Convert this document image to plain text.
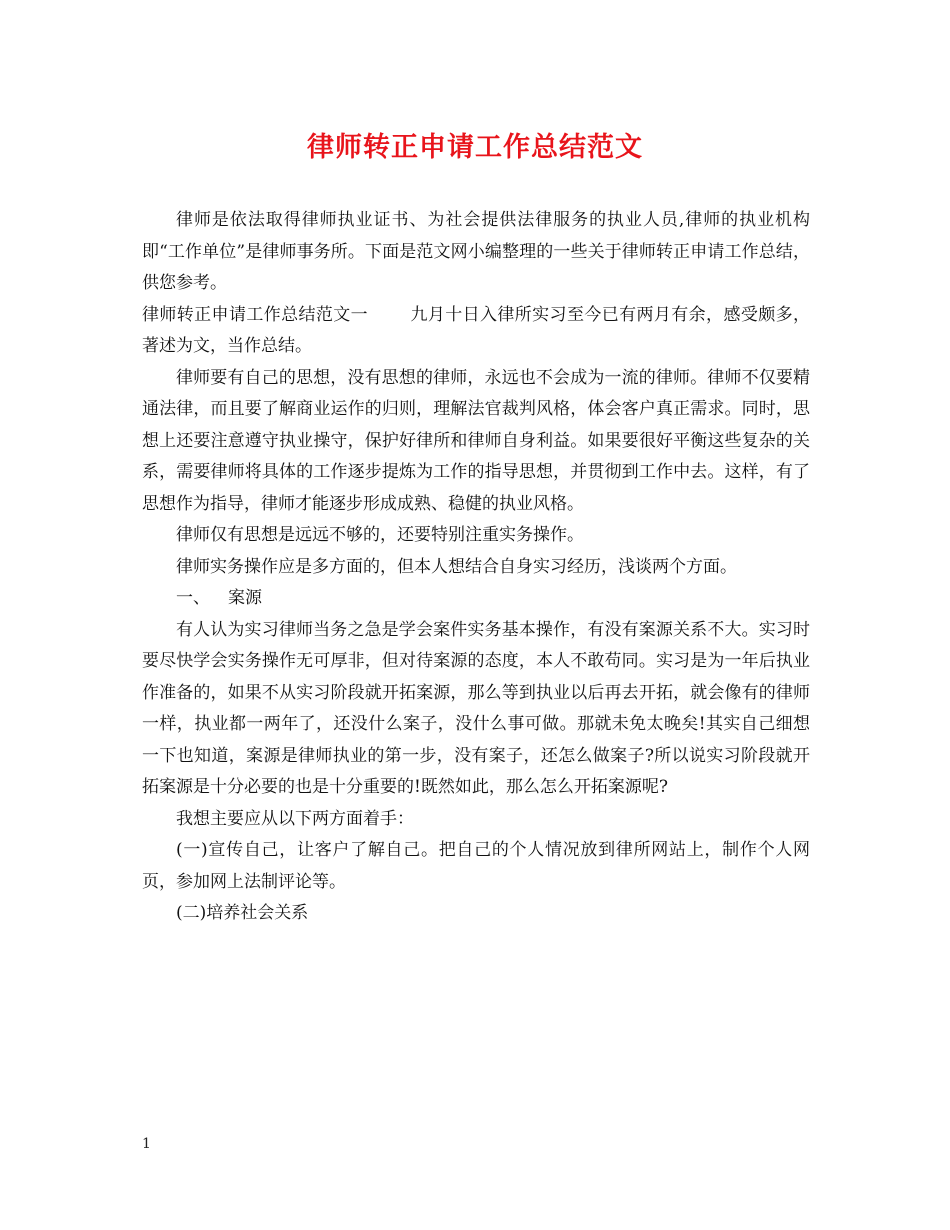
律师转正申请工作总结范文

律师是依法取得律师执业证书、为社会提供法律服务的执业人员,律师的执业机构即“工作单位”是律师事务所。下面是范文网小编整理的一些关于律师转正申请工作总结，供您参考。

律师转正申请工作总结范文一 九月十日入律所实习至今已有两月有余，感受颇多，著述为文，当作总结。

律师要有自己的思想，没有思想的律师，永远也不会成为一流的律师。律师不仅要精通法律，而且要了解商业运作的归则，理解法官裁判风格，体会客户真正需求。同时，思想上还要注意遵守执业操守，保护好律所和律师自身利益。如果要很好平衡这些复杂的关系，需要律师将具体的工作逐步提炼为工作的指导思想，并贯彻到工作中去。这样，有了思想作为指导，律师才能逐步形成成熟、稳健的执业风格。

律师仅有思想是远远不够的，还要特别注重实务操作。

律师实务操作应是多方面的，但本人想结合自身实习经历，浅谈两个方面。

一、 案源

有人认为实习律师当务之急是学会案件实务基本操作，有没有案源关系不大。实习时要尽快学会实务操作无可厚非，但对待案源的态度，本人不敢苟同。实习是为一年后执业作准备的，如果不从实习阶段就开拓案源，那么等到执业以后再去开拓，就会像有的律师一样，执业都一两年了，还没什么案子，没什么事可做。那就未免太晚矣!其实自己细想一下也知道，案源是律师执业的第一步，没有案子，还怎么做案子?所以说实习阶段就开拓案源是十分必要的也是十分重要的!既然如此，那么怎么开拓案源呢?

我想主要应从以下两方面着手：

(一)宣传自己，让客户了解自己。把自己的个人情况放到律所网站上，制作个人网页，参加网上法制评论等。

(二)培养社会关系

1
